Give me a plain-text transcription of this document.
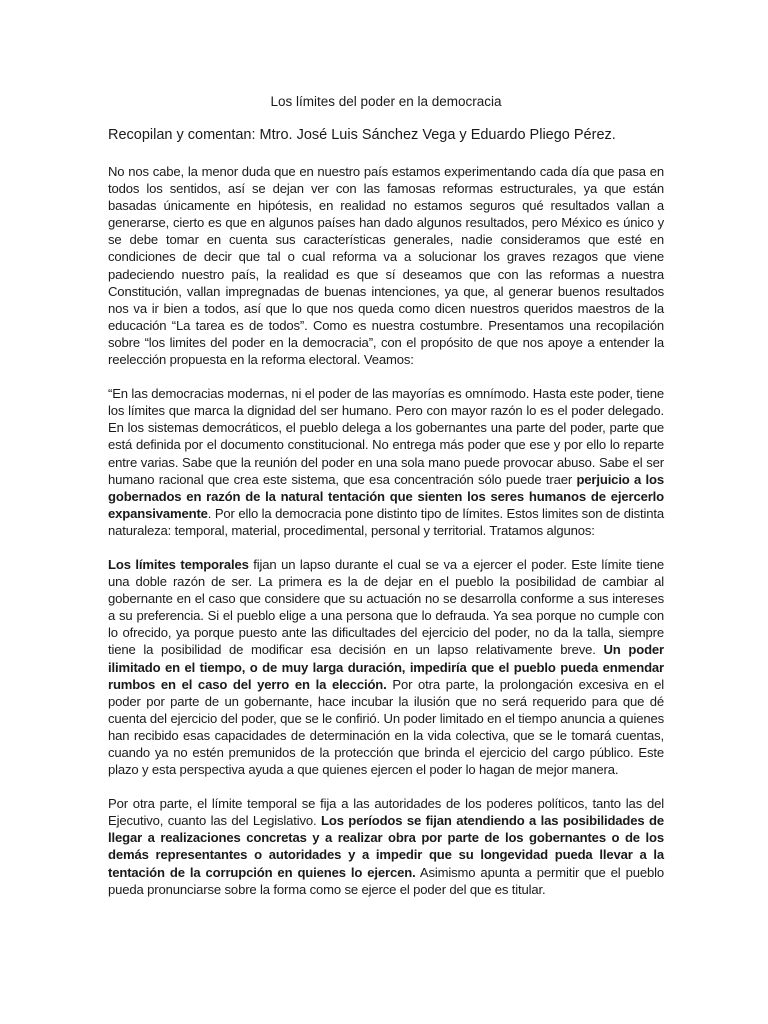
Los límites del poder en la democracia
Recopilan y comentan: Mtro. José Luis Sánchez Vega y Eduardo Pliego Pérez.

No nos cabe, la menor duda que en nuestro país estamos experimentando cada día que pasa en todos los sentidos, así se dejan ver con las famosas reformas estructurales, ya que están basadas únicamente en hipótesis, en realidad no estamos seguros qué resultados vallan a generarse, cierto es que en algunos países han dado algunos resultados, pero México es único y se debe tomar en cuenta sus características generales, nadie consideramos que esté en condiciones de decir que tal o cual reforma va a solucionar los graves rezagos que viene padeciendo nuestro país, la realidad es que sí deseamos que con las reformas a nuestra Constitución, vallan impregnadas de buenas intenciones, ya que, al generar buenos resultados nos va ir bien a todos, así que lo que nos queda como dicen nuestros queridos maestros de la educación “La tarea es de todos”. Como es nuestra costumbre. Presentamos una recopilación sobre “los limites del poder en la democracia”, con el propósito de que nos apoye a entender la reelección propuesta en la reforma electoral. Veamos:

“En las democracias modernas, ni el poder de las mayorías es omnímodo. Hasta este poder, tiene los límites que marca la dignidad del ser humano. Pero con mayor razón lo es el poder delegado. En los sistemas democráticos, el pueblo delega a los gobernantes una parte del poder, parte que está definida por el documento constitucional. No entrega más poder que ese y por ello lo reparte entre varias. Sabe que la reunión del poder en una sola mano puede provocar abuso. Sabe el ser humano racional que crea este sistema, que esa concentración sólo puede traer perjuicio a los gobernados en razón de la natural tentación que sienten los seres humanos de ejercerlo expansivamente. Por ello la democracia pone distinto tipo de límites. Estos limites son de distinta naturaleza: temporal, material, procedimental, personal y territorial. Tratamos algunos:

Los límites temporales fijan un lapso durante el cual se va a ejercer el poder. Este límite tiene una doble razón de ser. La primera es la de dejar en el pueblo la posibilidad de cambiar al gobernante en el caso que considere que su actuación no se desarrolla conforme a sus intereses a su preferencia. Si el pueblo elige a una persona que lo defrauda. Ya sea porque no cumple con lo ofrecido, ya porque puesto ante las dificultades del ejercicio del poder, no da la talla, siempre tiene la posibilidad de modificar esa decisión en un lapso relativamente breve. Un poder ilimitado en el tiempo, o de muy larga duración, impediría que el pueblo pueda enmendar rumbos en el caso del yerro en la elección. Por otra parte, la prolongación excesiva en el poder por parte de un gobernante, hace incubar la ilusión que no será requerido para que dé cuenta del ejercicio del poder, que se le confirió. Un poder limitado en el tiempo anuncia a quienes han recibido esas capacidades de determinación en la vida colectiva, que se le tomará cuentas, cuando ya no estén premunidos de la protección que brinda el ejercicio del cargo público. Este plazo y esta perspectiva ayuda a que quienes ejercen el poder lo hagan de mejor manera.

Por otra parte, el límite temporal se fija a las autoridades de los poderes políticos, tanto las del Ejecutivo, cuanto las del Legislativo. Los períodos se fijan atendiendo a las posibilidades de llegar a realizaciones concretas y a realizar obra por parte de los gobernantes o de los demás representantes o autoridades y a impedir que su longevidad pueda llevar a la tentación de la corrupción en quienes lo ejercen. Asimismo apunta a permitir que el pueblo pueda pronunciarse sobre la forma como se ejerce el poder del que es titular.
